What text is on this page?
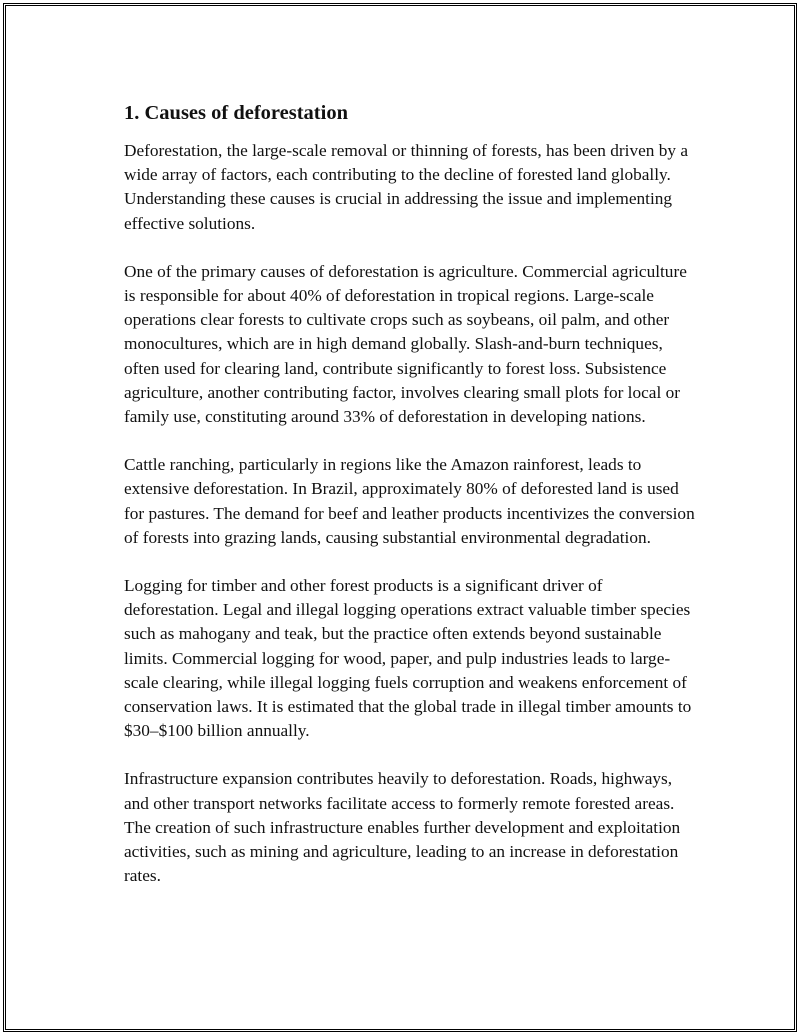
1. Causes of deforestation

Deforestation, the large-scale removal or thinning of forests, has been driven by a wide array of factors, each contributing to the decline of forested land globally. Understanding these causes is crucial in addressing the issue and implementing effective solutions.

One of the primary causes of deforestation is agriculture. Commercial agriculture is responsible for about 40% of deforestation in tropical regions. Large-scale operations clear forests to cultivate crops such as soybeans, oil palm, and other monocultures, which are in high demand globally. Slash-and-burn techniques, often used for clearing land, contribute significantly to forest loss. Subsistence agriculture, another contributing factor, involves clearing small plots for local or family use, constituting around 33% of deforestation in developing nations.

Cattle ranching, particularly in regions like the Amazon rainforest, leads to extensive deforestation. In Brazil, approximately 80% of deforested land is used for pastures. The demand for beef and leather products incentivizes the conversion of forests into grazing lands, causing substantial environmental degradation.

Logging for timber and other forest products is a significant driver of deforestation. Legal and illegal logging operations extract valuable timber species such as mahogany and teak, but the practice often extends beyond sustainable limits. Commercial logging for wood, paper, and pulp industries leads to large-scale clearing, while illegal logging fuels corruption and weakens enforcement of conservation laws. It is estimated that the global trade in illegal timber amounts to $30–$100 billion annually.

Infrastructure expansion contributes heavily to deforestation. Roads, highways, and other transport networks facilitate access to formerly remote forested areas. The creation of such infrastructure enables further development and exploitation activities, such as mining and agriculture, leading to an increase in deforestation rates.
